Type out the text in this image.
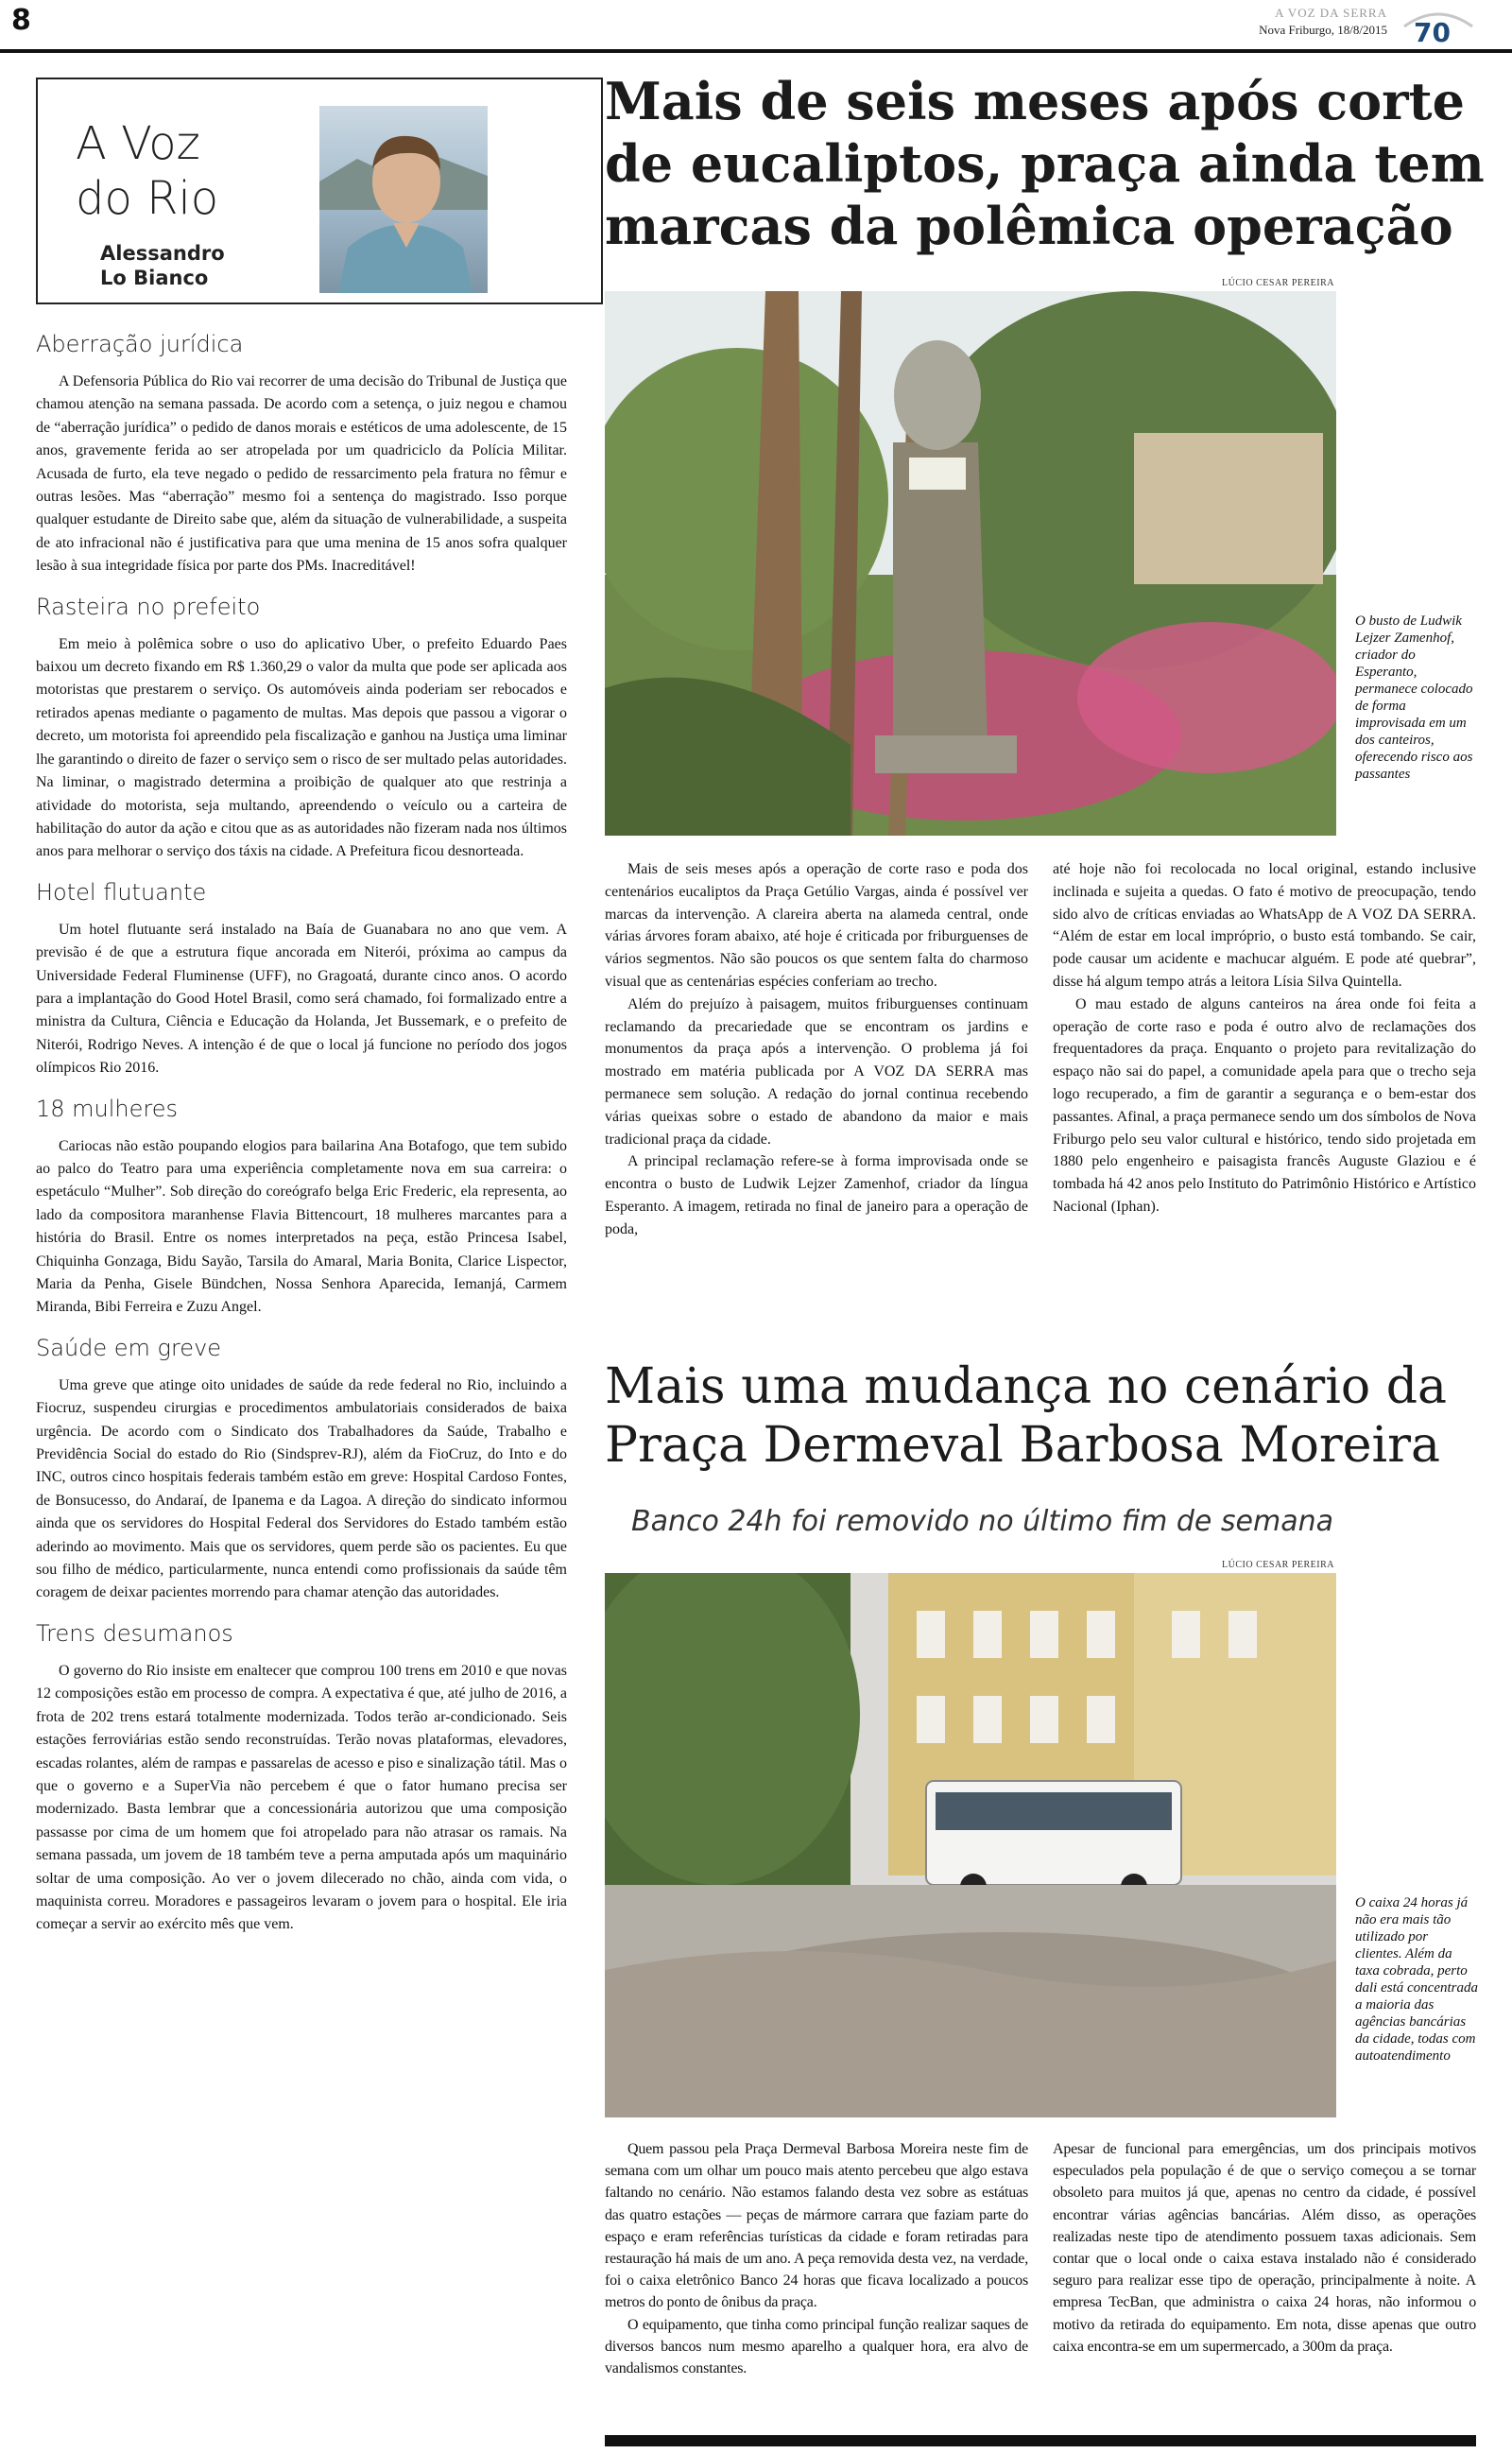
8	A VOZ DA SERRA
Nova Friburgo, 18/8/2015 70
A Voz
do Rio
Alessandro
Lo Bianco
Aberração jurídica

A Defensoria Pública do Rio vai recorrer de uma decisão do Tribunal de Justiça que chamou atenção na semana passada. De acordo com a setença, o juiz negou e chamou de “aberração jurídica” o pedido de danos morais e estéticos de uma adolescente, de 15 anos, gravemente ferida ao ser atropelada por um quadriciclo da Polícia Militar. Acusada de furto, ela teve negado o pedido de ressarcimento pela fratura no fêmur e outras lesões. Mas “aberração” mesmo foi a sentença do magistrado. Isso porque qualquer estudante de Direito sabe que, além da situação de vulnerabilidade, a suspeita de ato infracional não é justificativa para que uma menina de 15 anos sofra qualquer lesão à sua integridade física por parte dos PMs. Inacreditável!

Rasteira no prefeito

Em meio à polêmica sobre o uso do aplicativo Uber, o prefeito Eduardo Paes baixou um decreto fixando em R$ 1.360,29 o valor da multa que pode ser aplicada aos motoristas que prestarem o serviço. Os automóveis ainda poderiam ser rebocados e retirados apenas mediante o pagamento de multas. Mas depois que passou a vigorar o decreto, um motorista foi apreendido pela fiscalização e ganhou na Justiça uma liminar lhe garantindo o direito de fazer o serviço sem o risco de ser multado pelas autoridades. Na liminar, o magistrado determina a proibição de qualquer ato que restrinja a atividade do motorista, seja multando, apreendendo o veículo ou a carteira de habilitação do autor da ação e citou que as as autoridades não fizeram nada nos últimos anos para melhorar o serviço dos táxis na cidade. A Prefeitura ficou desnorteada.

Hotel flutuante

Um hotel flutuante será instalado na Baía de Guanabara no ano que vem. A previsão é de que a estrutura fique ancorada em Niterói, próxima ao campus da Universidade Federal Fluminense (UFF), no Gragoatá, durante cinco anos. O acordo para a implantação do Good Hotel Brasil, como será chamado, foi formalizado entre a ministra da Cultura, Ciência e Educação da Holanda, Jet Bussemark, e o prefeito de Niterói, Rodrigo Neves. A intenção é de que o local já funcione no período dos jogos olímpicos Rio 2016.

18 mulheres

Cariocas não estão poupando elogios para bailarina Ana Botafogo, que tem subido ao palco do Teatro para uma experiência completamente nova em sua carreira: o espetáculo “Mulher”. Sob direção do coreógrafo belga Eric Frederic, ela representa, ao lado da compositora maranhense Flavia Bittencourt, 18 mulheres marcantes para a história do Brasil. Entre os nomes interpretados na peça, estão Princesa Isabel, Chiquinha Gonzaga, Bidu Sayão, Tarsila do Amaral, Maria Bonita, Clarice Lispector, Maria da Penha, Gisele Bündchen, Nossa Senhora Aparecida, Iemanjá, Carmem Miranda, Bibi Ferreira e Zuzu Angel.

Saúde em greve

Uma greve que atinge oito unidades de saúde da rede federal no Rio, incluindo a Fiocruz, suspendeu cirurgias e procedimentos ambulatoriais considerados de baixa urgência. De acordo com o Sindicato dos Trabalhadores da Saúde, Trabalho e Previdência Social do estado do Rio (Sindsprev-RJ), além da FioCruz, do Into e do INC, outros cinco hospitais federais também estão em greve: Hospital Cardoso Fontes, de Bonsucesso, do Andaraí, de Ipanema e da Lagoa. A direção do sindicato informou ainda que os servidores do Hospital Federal dos Servidores do Estado também estão aderindo ao movimento. Mais que os servidores, quem perde são os pacientes. Eu que sou filho de médico, particularmente, nunca entendi como profissionais da saúde têm coragem de deixar pacientes morrendo para chamar atenção das autoridades.

Trens desumanos

O governo do Rio insiste em enaltecer que comprou 100 trens em 2010 e que novas 12 composições estão em processo de compra. A expectativa é que, até julho de 2016, a frota de 202 trens estará totalmente modernizada. Todos terão ar-condicionado. Seis estações ferroviárias estão sendo reconstruídas. Terão novas plataformas, elevadores, escadas rolantes, além de rampas e passarelas de acesso e piso e sinalização tátil. Mas o que o governo e a SuperVia não percebem é que o fator humano precisa ser modernizado. Basta lembrar que a concessionária autorizou que uma composição passasse por cima de um homem que foi atropelado para não atrasar os ramais. Na semana passada, um jovem de 18 também teve a perna amputada após um maquinário soltar de uma composição. Ao ver o jovem dilecerado no chão, ainda com vida, o maquinista correu. Moradores e passageiros levaram o jovem para o hospital. Ele iria começar a servir ao exército mês que vem.

Mais de seis meses após corte
de eucaliptos, praça ainda tem
marcas da polêmica operação
LÚCIO CESAR PEREIRA
O busto de Ludwik Lejzer Zamenhof, criador do Esperanto, permanece colocado de forma improvisada em um dos canteiros, oferecendo risco aos passantes

Mais de seis meses após a operação de corte raso e poda dos centenários eucaliptos da Praça Getúlio Vargas, ainda é possível ver marcas da intervenção. A clareira aberta na alameda central, onde várias árvores foram abaixo, até hoje é criticada por friburguenses de vários segmentos. Não são poucos os que sentem falta do charmoso visual que as centenárias espécies conferiam ao trecho.

Além do prejuízo à paisagem, muitos friburguenses continuam reclamando da precariedade que se encontram os jardins e monumentos da praça após a intervenção. O problema já foi mostrado em matéria publicada por A VOZ DA SERRA mas permanece sem solução. A redação do jornal continua recebendo várias queixas sobre o estado de abandono da maior e mais tradicional praça da cidade.

A principal reclamação refere-se à forma improvisada onde se encontra o busto de Ludwik Lejzer Zamenhof, criador da língua Esperanto. A imagem, retirada no final de janeiro para a operação de poda,

até hoje não foi recolocada no local original, estando inclusive inclinada e sujeita a quedas. O fato é motivo de preocupação, tendo sido alvo de críticas enviadas ao WhatsApp de A VOZ DA SERRA. “Além de estar em local impróprio, o busto está tombando. Se cair, pode causar um acidente e machucar alguém. E pode até quebrar”, disse há algum tempo atrás a leitora Lísia Silva Quintella.

O mau estado de alguns canteiros na área onde foi feita a operação de corte raso e poda é outro alvo de reclamações dos frequentadores da praça. Enquanto o projeto para revitalização do espaço não sai do papel, a comunidade apela para que o trecho seja logo recuperado, a fim de garantir a segurança e o bem-estar dos passantes. Afinal, a praça permanece sendo um dos símbolos de Nova Friburgo pelo seu valor cultural e histórico, tendo sido projetada em 1880 pelo engenheiro e paisagista francês Auguste Glaziou e é tombada há 42 anos pelo Instituto do Patrimônio Histórico e Artístico Nacional (Iphan).

Mais uma mudança no cenário da
Praça Dermeval Barbosa Moreira
Banco 24h foi removido no último fim de semana
LÚCIO CESAR PEREIRA
O caixa 24 horas já não era mais tão utilizado por clientes. Além da taxa cobrada, perto dali está concentrada a maioria das agências bancárias da cidade, todas com autoatendimento

Quem passou pela Praça Dermeval Barbosa Moreira neste fim de semana com um olhar um pouco mais atento percebeu que algo estava faltando no cenário. Não estamos falando desta vez sobre as estátuas das quatro estações — peças de mármore carrara que faziam parte do espaço e eram referências turísticas da cidade e foram retiradas para restauração há mais de um ano. A peça removida desta vez, na verdade, foi o caixa eletrônico Banco 24 horas que ficava localizado a poucos metros do ponto de ônibus da praça.

O equipamento, que tinha como principal função realizar saques de diversos bancos num mesmo aparelho a qualquer hora, era alvo de vandalismos constantes.

Apesar de funcional para emergências, um dos principais motivos especulados pela população é de que o serviço começou a se tornar obsoleto para muitos já que, apenas no centro da cidade, é possível encontrar várias agências bancárias. Além disso, as operações realizadas neste tipo de atendimento possuem taxas adicionais. Sem contar que o local onde o caixa estava instalado não é considerado seguro para realizar esse tipo de operação, principalmente à noite. A empresa TecBan, que administra o caixa 24 horas, não informou o motivo da retirada do equipamento. Em nota, disse apenas que outro caixa encontra-se em um supermercado, a 300m da praça.
